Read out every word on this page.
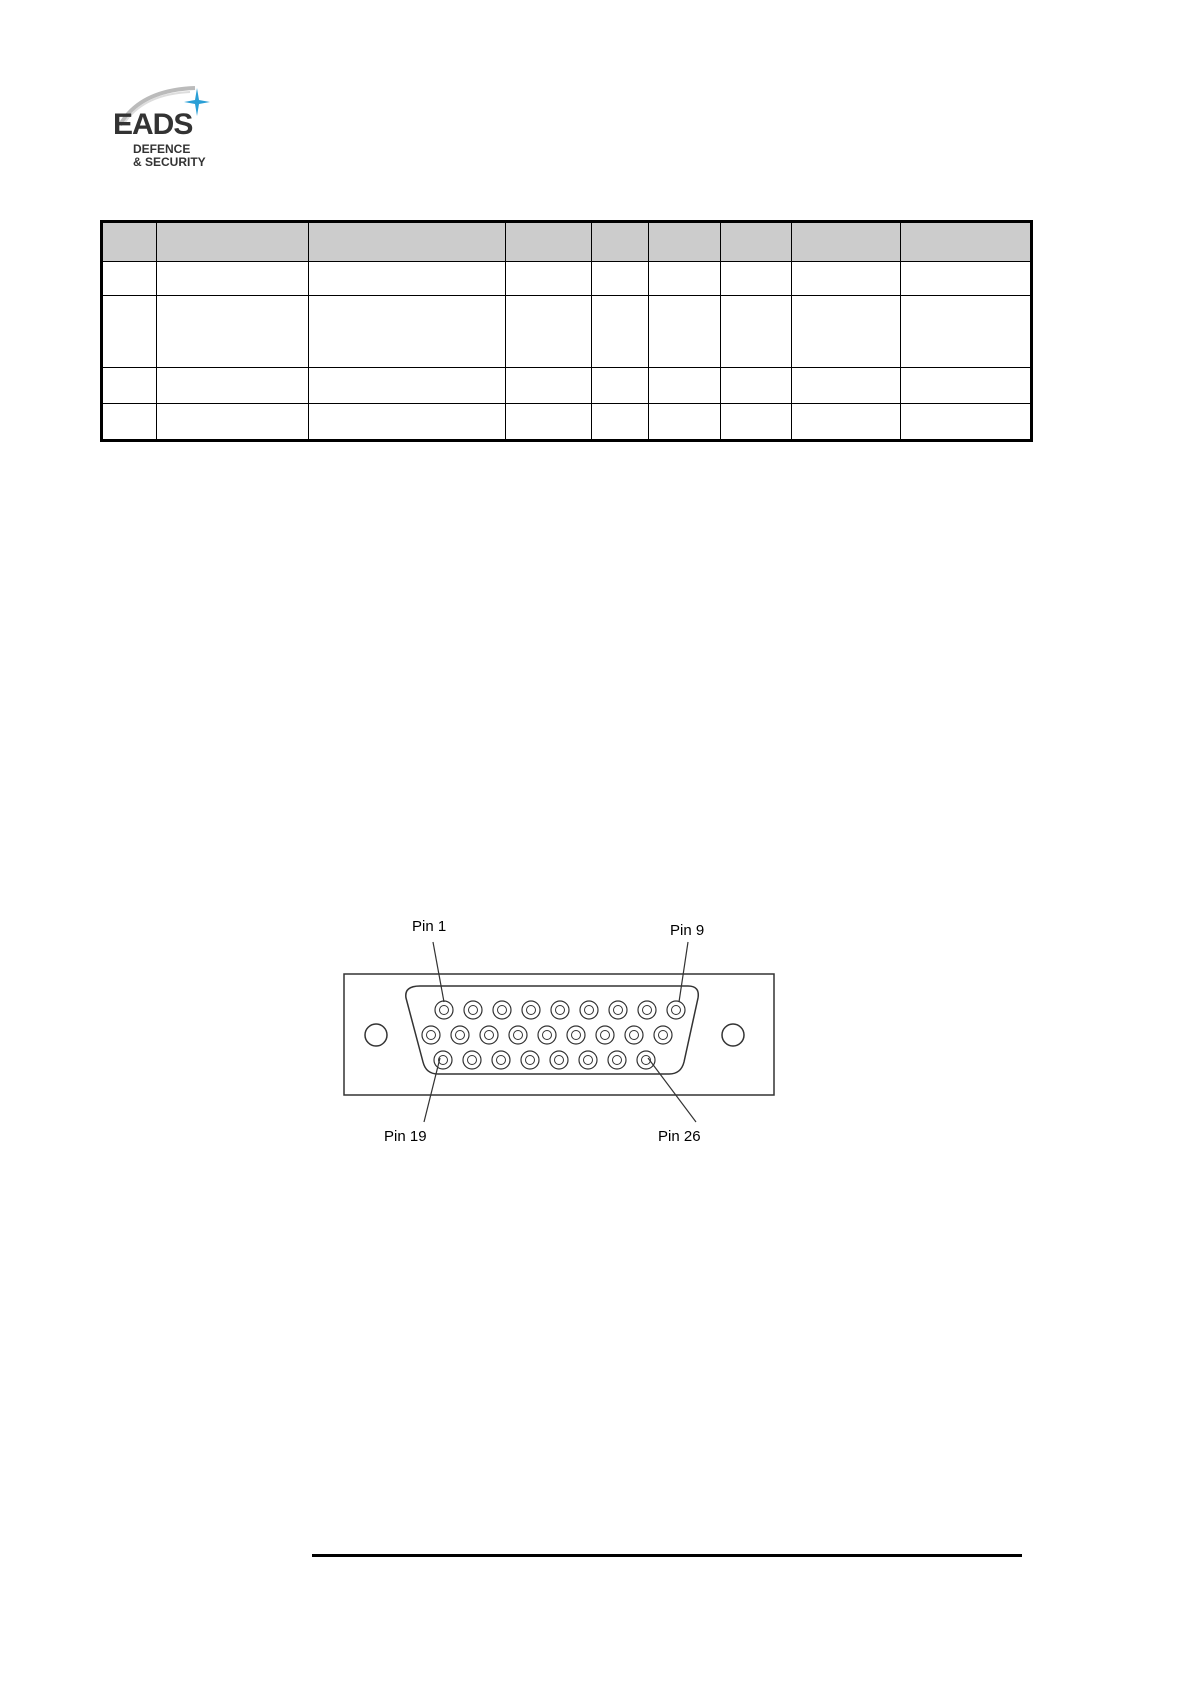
EADS
DEFENCE
& SECURITY
Pin 1	Pin 9
Pin 19	Pin 26
